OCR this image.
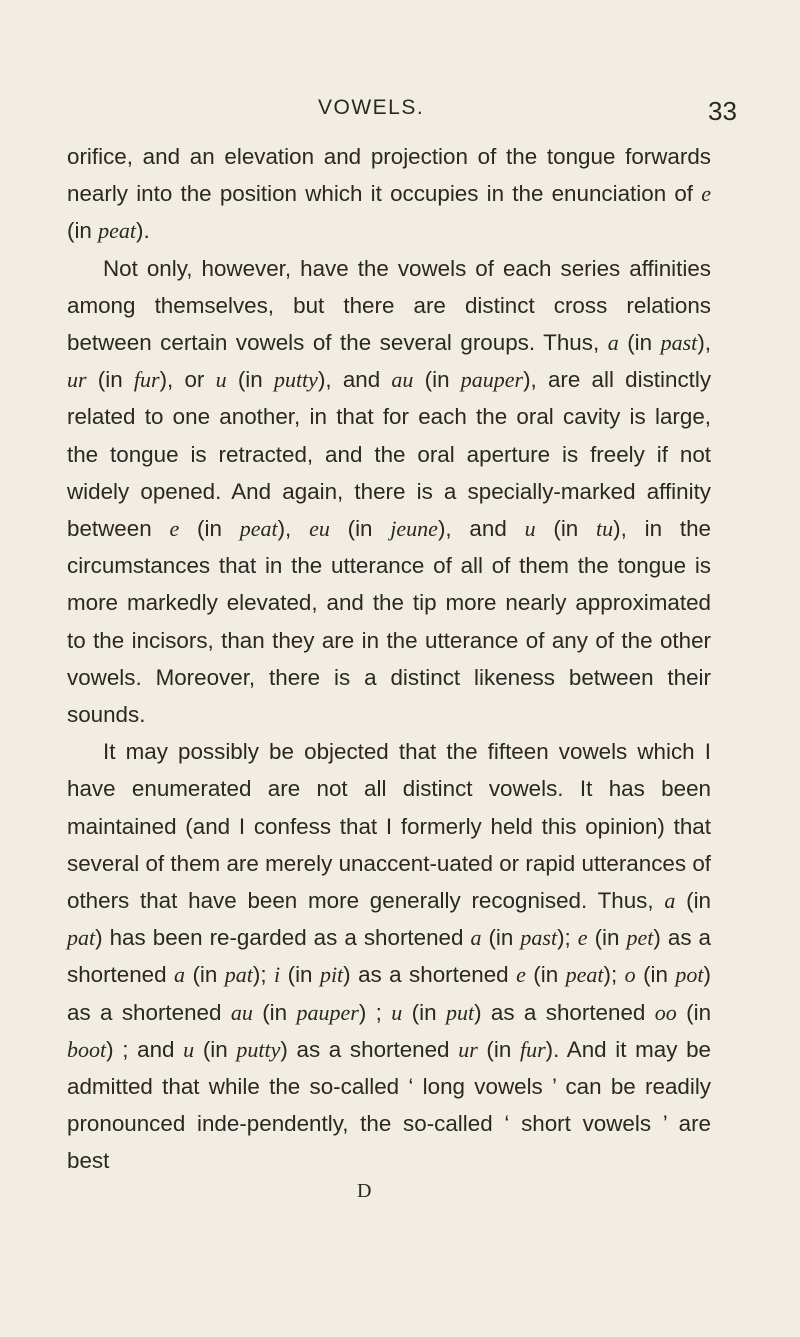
VOWELS.	33

orifice, and an elevation and projection of the tongue forwards nearly into the position which it occupies in the enunciation of e (in peat).

Not only, however, have the vowels of each series affinities among themselves, but there are distinct cross relations between certain vowels of the several groups. Thus, a (in past), ur (in fur), or u (in putty), and au (in pauper), are all distinctly related to one another, in that for each the oral cavity is large, the tongue is retracted, and the oral aperture is freely if not widely opened. And again, there is a specially-marked affinity between e (in peat), eu (in jeune), and u (in tu), in the circumstances that in the utterance of all of them the tongue is more markedly elevated, and the tip more nearly approximated to the incisors, than they are in the utterance of any of the other vowels. Moreover, there is a distinct likeness between their sounds.

It may possibly be objected that the fifteen vowels which I have enumerated are not all distinct vowels. It has been maintained (and I confess that I formerly held this opinion) that several of them are merely unaccent-uated or rapid utterances of others that have been more generally recognised. Thus, a (in pat) has been re-garded as a shortened a (in past); e (in pet) as a shortened a (in pat); i (in pit) as a shortened e (in peat); o (in pot) as a shortened au (in pauper) ; u (in put) as a shortened oo (in boot) ; and u (in putty) as a shortened ur (in fur). And it may be admitted that while the so-called ‘ long vowels ’ can be readily pronounced inde-pendently, the so-called ‘ short vowels ’ are best

D
